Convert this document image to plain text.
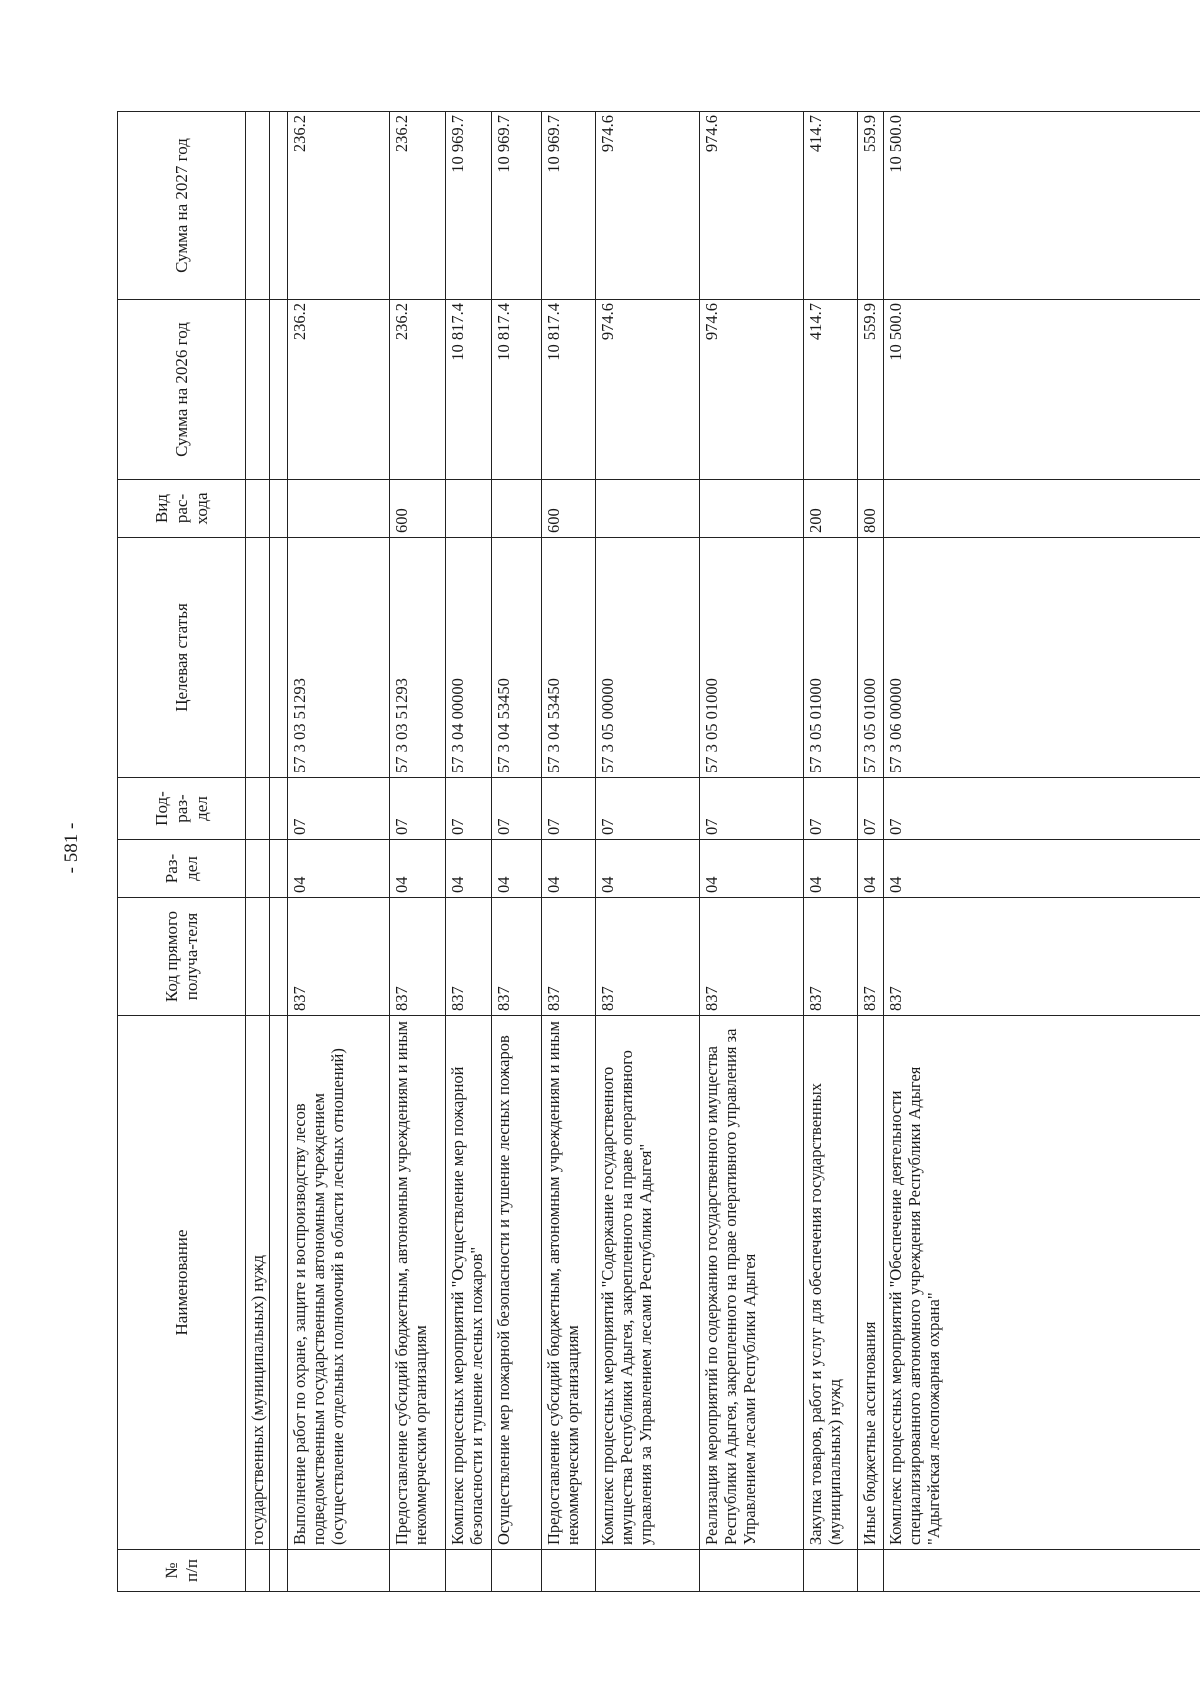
- 581 -
№ п/п	Наименование	Код прямого получа-теля	Раз-дел	Под-раз-дел	Целевая статья	Вид рас-хода	Сумма на 2026 год	Сумма на 2027 год
	государственных (муниципальных) нужд							

	Выполнение работ по охране, защите и воспроизводству лесов подведомственным государственным автономным учреждением (осуществление отдельных полномочий в области лесных отношений)	837	04	07	57 3 03 51293		236.2	236.2
	Предоставление субсидий бюджетным, автономным учреждениям и иным некоммерческим организациям	837	04	07	57 3 03 51293	600	236.2	236.2
	Комплекс процессных мероприятий "Осуществление мер пожарной безопасности и тушение лесных пожаров"	837	04	07	57 3 04 00000		10 817.4	10 969.7
	Осуществление мер пожарной безопасности и тушение лесных пожаров	837	04	07	57 3 04 53450		10 817.4	10 969.7
	Предоставление субсидий бюджетным, автономным учреждениям и иным некоммерческим организациям	837	04	07	57 3 04 53450	600	10 817.4	10 969.7
	Комплекс процессных мероприятий "Содержание государственного имущества Республики Адыгея, закрепленного на праве оперативного управления за Управлением лесами Республики Адыгея"	837	04	07	57 3 05 00000		974.6	974.6
	Реализация мероприятий по содержанию государственного имущества Республики Адыгея, закрепленного на праве оперативного управления за Управлением лесами Республики Адыгея	837	04	07	57 3 05 01000		974.6	974.6
	Закупка товаров, работ и услуг для обеспечения государственных (муниципальных) нужд	837	04	07	57 3 05 01000	200	414.7	414.7
	Иные бюджетные ассигнования	837	04	07	57 3 05 01000	800	559.9	559.9
	Комплекс процессных мероприятий "Обеспечение деятельности специализированного автономного учреждения Республики Адыгея "Адыгейская лесопожарная охрана"	837	04	07	57 3 06 00000		10 500.0	10 500.0
